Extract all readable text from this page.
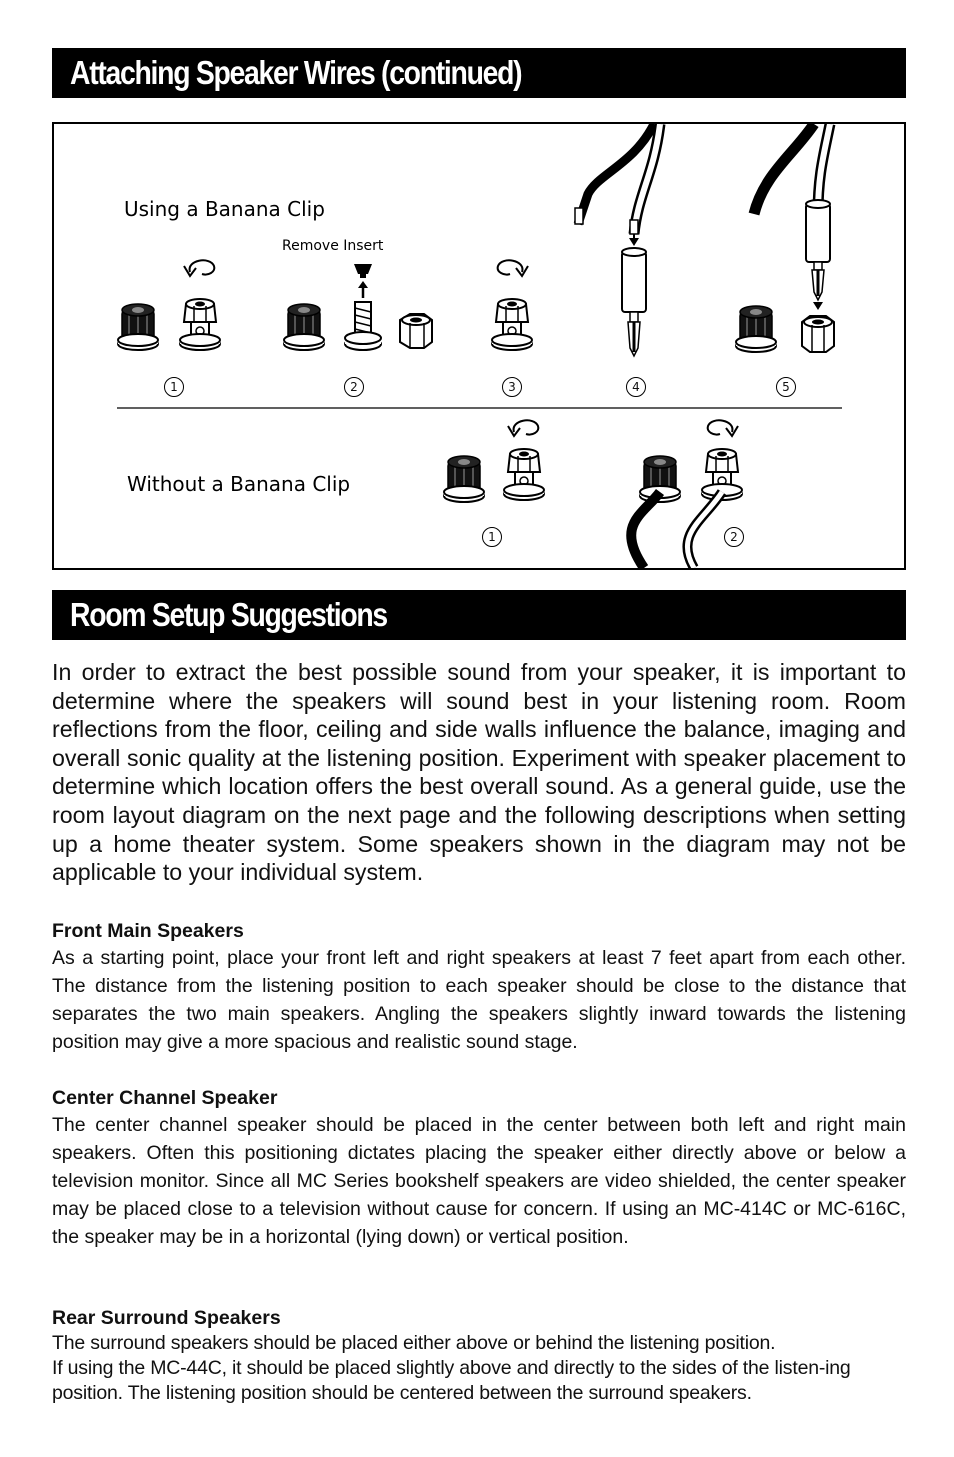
Attaching Speaker Wires (continued)
Using a Banana Clip
Remove Insert
Without a Banana Clip
1	2	3	4	5
1	2
Room Setup Suggestions

In order to extract the best possible sound from your speaker, it is important to determine where the speakers will sound best in your listening room. Room reflections from the floor, ceiling and side walls influence the balance, imaging and overall sonic quality at the listening position. Experiment with speaker placement to determine which location offers the best overall sound. As a general guide, use the room layout diagram on the next page and the following descriptions when setting up a home theater system. Some speakers shown in the diagram may not be applicable to your individual system.

Front Main Speakers

As a starting point, place your front left and right speakers at least 7 feet apart from each other. The distance from the listening position to each speaker should be close to the distance that separates the two main speakers. Angling the speakers slightly inward towards the listening position may give a more spacious and realistic sound stage.

Center Channel Speaker

The center channel speaker should be placed in the center between both left and right main speakers. Often this positioning dictates placing the speaker either directly above or below a television monitor. Since all MC Series bookshelf speakers are video shielded, the center speaker may be placed close to a television without cause for concern. If using an MC-414C or MC-616C, the speaker may be in a horizontal (lying down) or vertical position.

Rear Surround Speakers

The surround speakers should be placed either above or behind the listening position.

If using the MC-44C, it should be placed slightly above and directly to the sides of the listen-ing position. The listening position should be centered between the surround speakers.
